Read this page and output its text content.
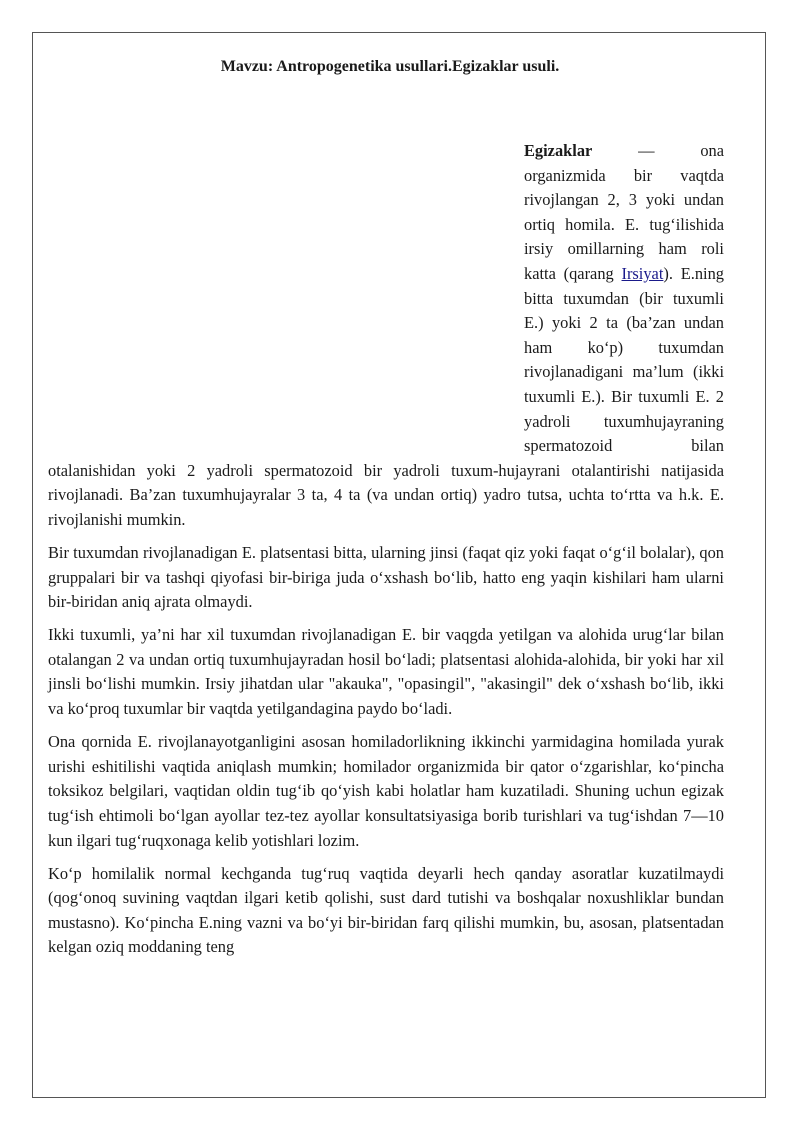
Mavzu: Antropogenetika usullari.Egizaklar usuli.

Egizaklar — ona organizmida bir vaqtda rivojlangan 2, 3 yoki undan ortiq homila. E. tug‘ilishida irsiy omillarning ham roli katta (qarang Irsiyat). E.ning bitta tuxumdan (bir tuxumli E.) yoki 2 ta (ba’zan undan ham ko‘p) tuxumdan rivojlanadigani ma’lum (ikki tuxumli E.). Bir tuxumli E. 2 yadroli tuxumhujayraning spermatozoid bilan otalanishidan yoki 2 yadroli spermatozoid bir yadroli tuxum-hujayrani otalantirishi natijasida rivojlanadi. Ba’zan tuxumhujayralar 3 ta, 4 ta (va undan ortiq) yadro tutsa, uchta to‘rtta va h.k. E. rivojlanishi mumkin.

Bir tuxumdan rivojlanadigan E. platsentasi bitta, ularning jinsi (faqat qiz yoki faqat o‘g‘il bolalar), qon gruppalari bir va tashqi qiyofasi bir-biriga juda o‘xshash bo‘lib, hatto eng yaqin kishilari ham ularni bir-biridan aniq ajrata olmaydi.

Ikki tuxumli, ya’ni har xil tuxumdan rivojlanadigan E. bir vaqgda yetilgan va alohida urug‘lar bilan otalangan 2 va undan ortiq tuxumhujayradan hosil bo‘ladi; platsentasi alohida-alohida, bir yoki har xil jinsli bo‘lishi mumkin. Irsiy jihatdan ular "akauka", "opasingil", "akasingil" dek o‘xshash bo‘lib, ikki va ko‘proq tuxumlar bir vaqtda yetilgandagina paydo bo‘ladi.

Ona qornida E. rivojlanayotganligini asosan homiladorlikning ikkinchi yarmidagina homilada yurak urishi eshitilishi vaqtida aniqlash mumkin; homilador organizmida bir qator o‘zgarishlar, ko‘pincha toksikoz belgilari, vaqtidan oldin tug‘ib qo‘yish kabi holatlar ham kuzatiladi. Shuning uchun egizak tug‘ish ehtimoli bo‘lgan ayollar tez-tez ayollar konsultatsiyasiga borib turishlari va tug‘ishdan 7—10 kun ilgari tug‘ruqxonaga kelib yotishlari lozim.

Ko‘p homilalik normal kechganda tug‘ruq vaqtida deyarli hech qanday asoratlar kuzatilmaydi (qog‘onoq suvining vaqtdan ilgari ketib qolishi, sust dard tutishi va boshqalar noxushliklar bundan mustasno). Ko‘pincha E.ning vazni va bo‘yi bir-biridan farq qilishi mumkin, bu, asosan, platsentadan kelgan oziq moddaning teng
